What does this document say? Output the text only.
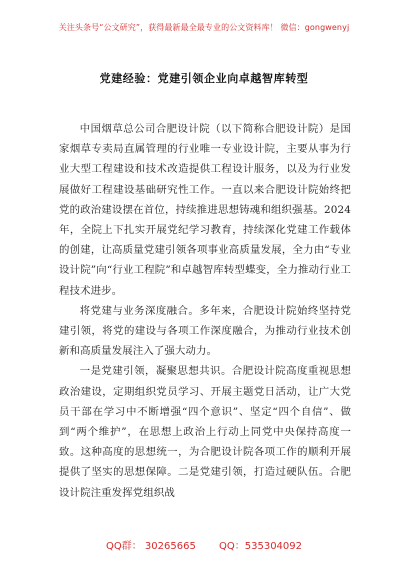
关注头条号“公文研究”，获得最新最全最专业的公文资料库！ 微信：gongwenyj
党建经验：党建引领企业向卓越智库转型

中国烟草总公司合肥设计院（以下简称合肥设计院）是国家烟草专卖局直属管理的行业唯一专业设计院，主要从事为行业大型工程建设和技术改造提供工程设计服务，以及为行业发展做好工程建设基础研究性工作。一直以来合肥设计院始终把党的政治建设摆在首位，持续推进思想铸魂和组织强基。2024年，全院上下扎实开展党纪学习教育，持续深化党建工作载体的创建，让高质量党建引领各项事业高质量发展，全力由“专业设计院”向“行业工程院”和卓越智库转型蝶变，全力推动行业工程技术进步。

将党建与业务深度融合。多年来，合肥设计院始终坚持党建引领，将党的建设与各项工作深度融合，为推动行业技术创新和高质量发展注入了强大动力。

一是党建引领，凝聚思想共识。合肥设计院高度重视思想政治建设，定期组织党员学习、开展主题党日活动，让广大党员干部在学习中不断增强“四个意识”、坚定“四个自信”、做到“两个维护”，在思想上政治上行动上同党中央保持高度一致。这种高度的思想统一，为合肥设计院各项工作的顺利开展提供了坚实的思想保障。二是党建引领，打造过硬队伍。合肥设计院注重发挥党组织战

QQ群： 30265665 QQ：535304092
